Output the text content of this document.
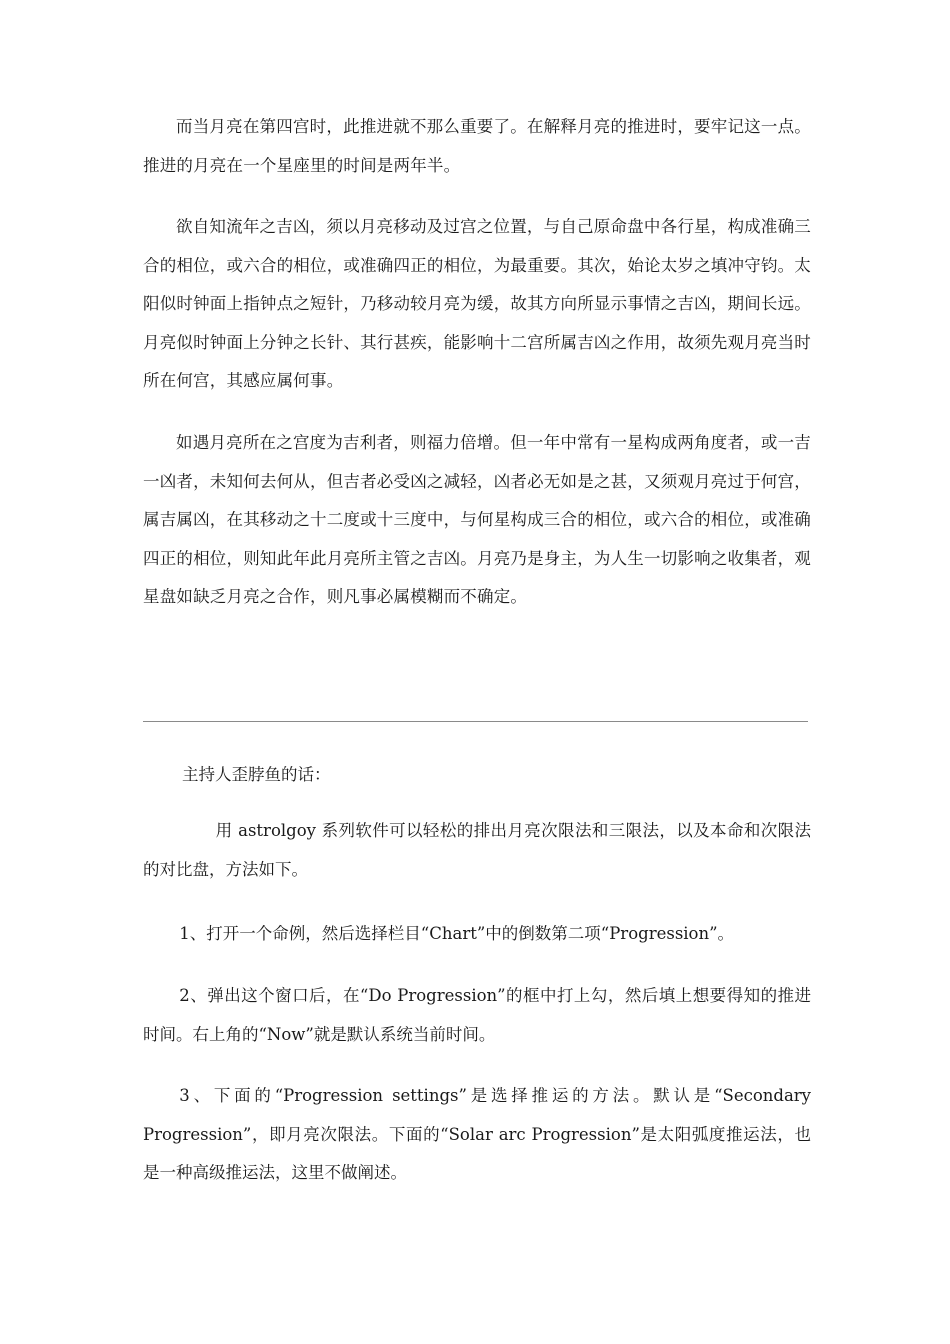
而当月亮在第四宫时，此推进就不那么重要了。在解释月亮的推进时，要牢记这一点。推进的月亮在一个星座里的时间是两年半。

欲自知流年之吉凶，须以月亮移动及过宫之位置，与自己原命盘中各行星，构成准确三合的相位，或六合的相位，或准确四正的相位，为最重要。其次，始论太岁之填冲守钧。太阳似时钟面上指钟点之短针，乃移动较月亮为缓，故其方向所显示事情之吉凶，期间长远。月亮似时钟面上分钟之长针、其行甚疾，能影响十二宫所属吉凶之作用，故须先观月亮当时所在何宫，其感应属何事。

如遇月亮所在之宫度为吉利者，则福力倍增。但一年中常有一星构成两角度者，或一吉一凶者，未知何去何从，但吉者必受凶之减轻，凶者必无如是之甚，又须观月亮过于何宫，属吉属凶，在其移动之十二度或十三度中，与何星构成三合的相位，或六合的相位，或准确四正的相位，则知此年此月亮所主管之吉凶。月亮乃是身主，为人生一切影响之收集者，观星盘如缺乏月亮之合作，则凡事必属模糊而不确定。

主持人歪脖鱼的话：

用 astrolgoy 系列软件可以轻松的排出月亮次限法和三限法，以及本命和次限法的对比盘，方法如下。

1、打开一个命例，然后选择栏目“Chart”中的倒数第二项“Progression”。

2、弹出这个窗口后，在“Do Progression”的框中打上勾，然后填上想要得知的推进时间。右上角的“Now”就是默认系统当前时间。

3、下面的“Progression settings”是选择推运的方法。默认是“Secondary Progression”，即月亮次限法。下面的“Solar arc Progression”是太阳弧度推运法，也是一种高级推运法，这里不做阐述。
